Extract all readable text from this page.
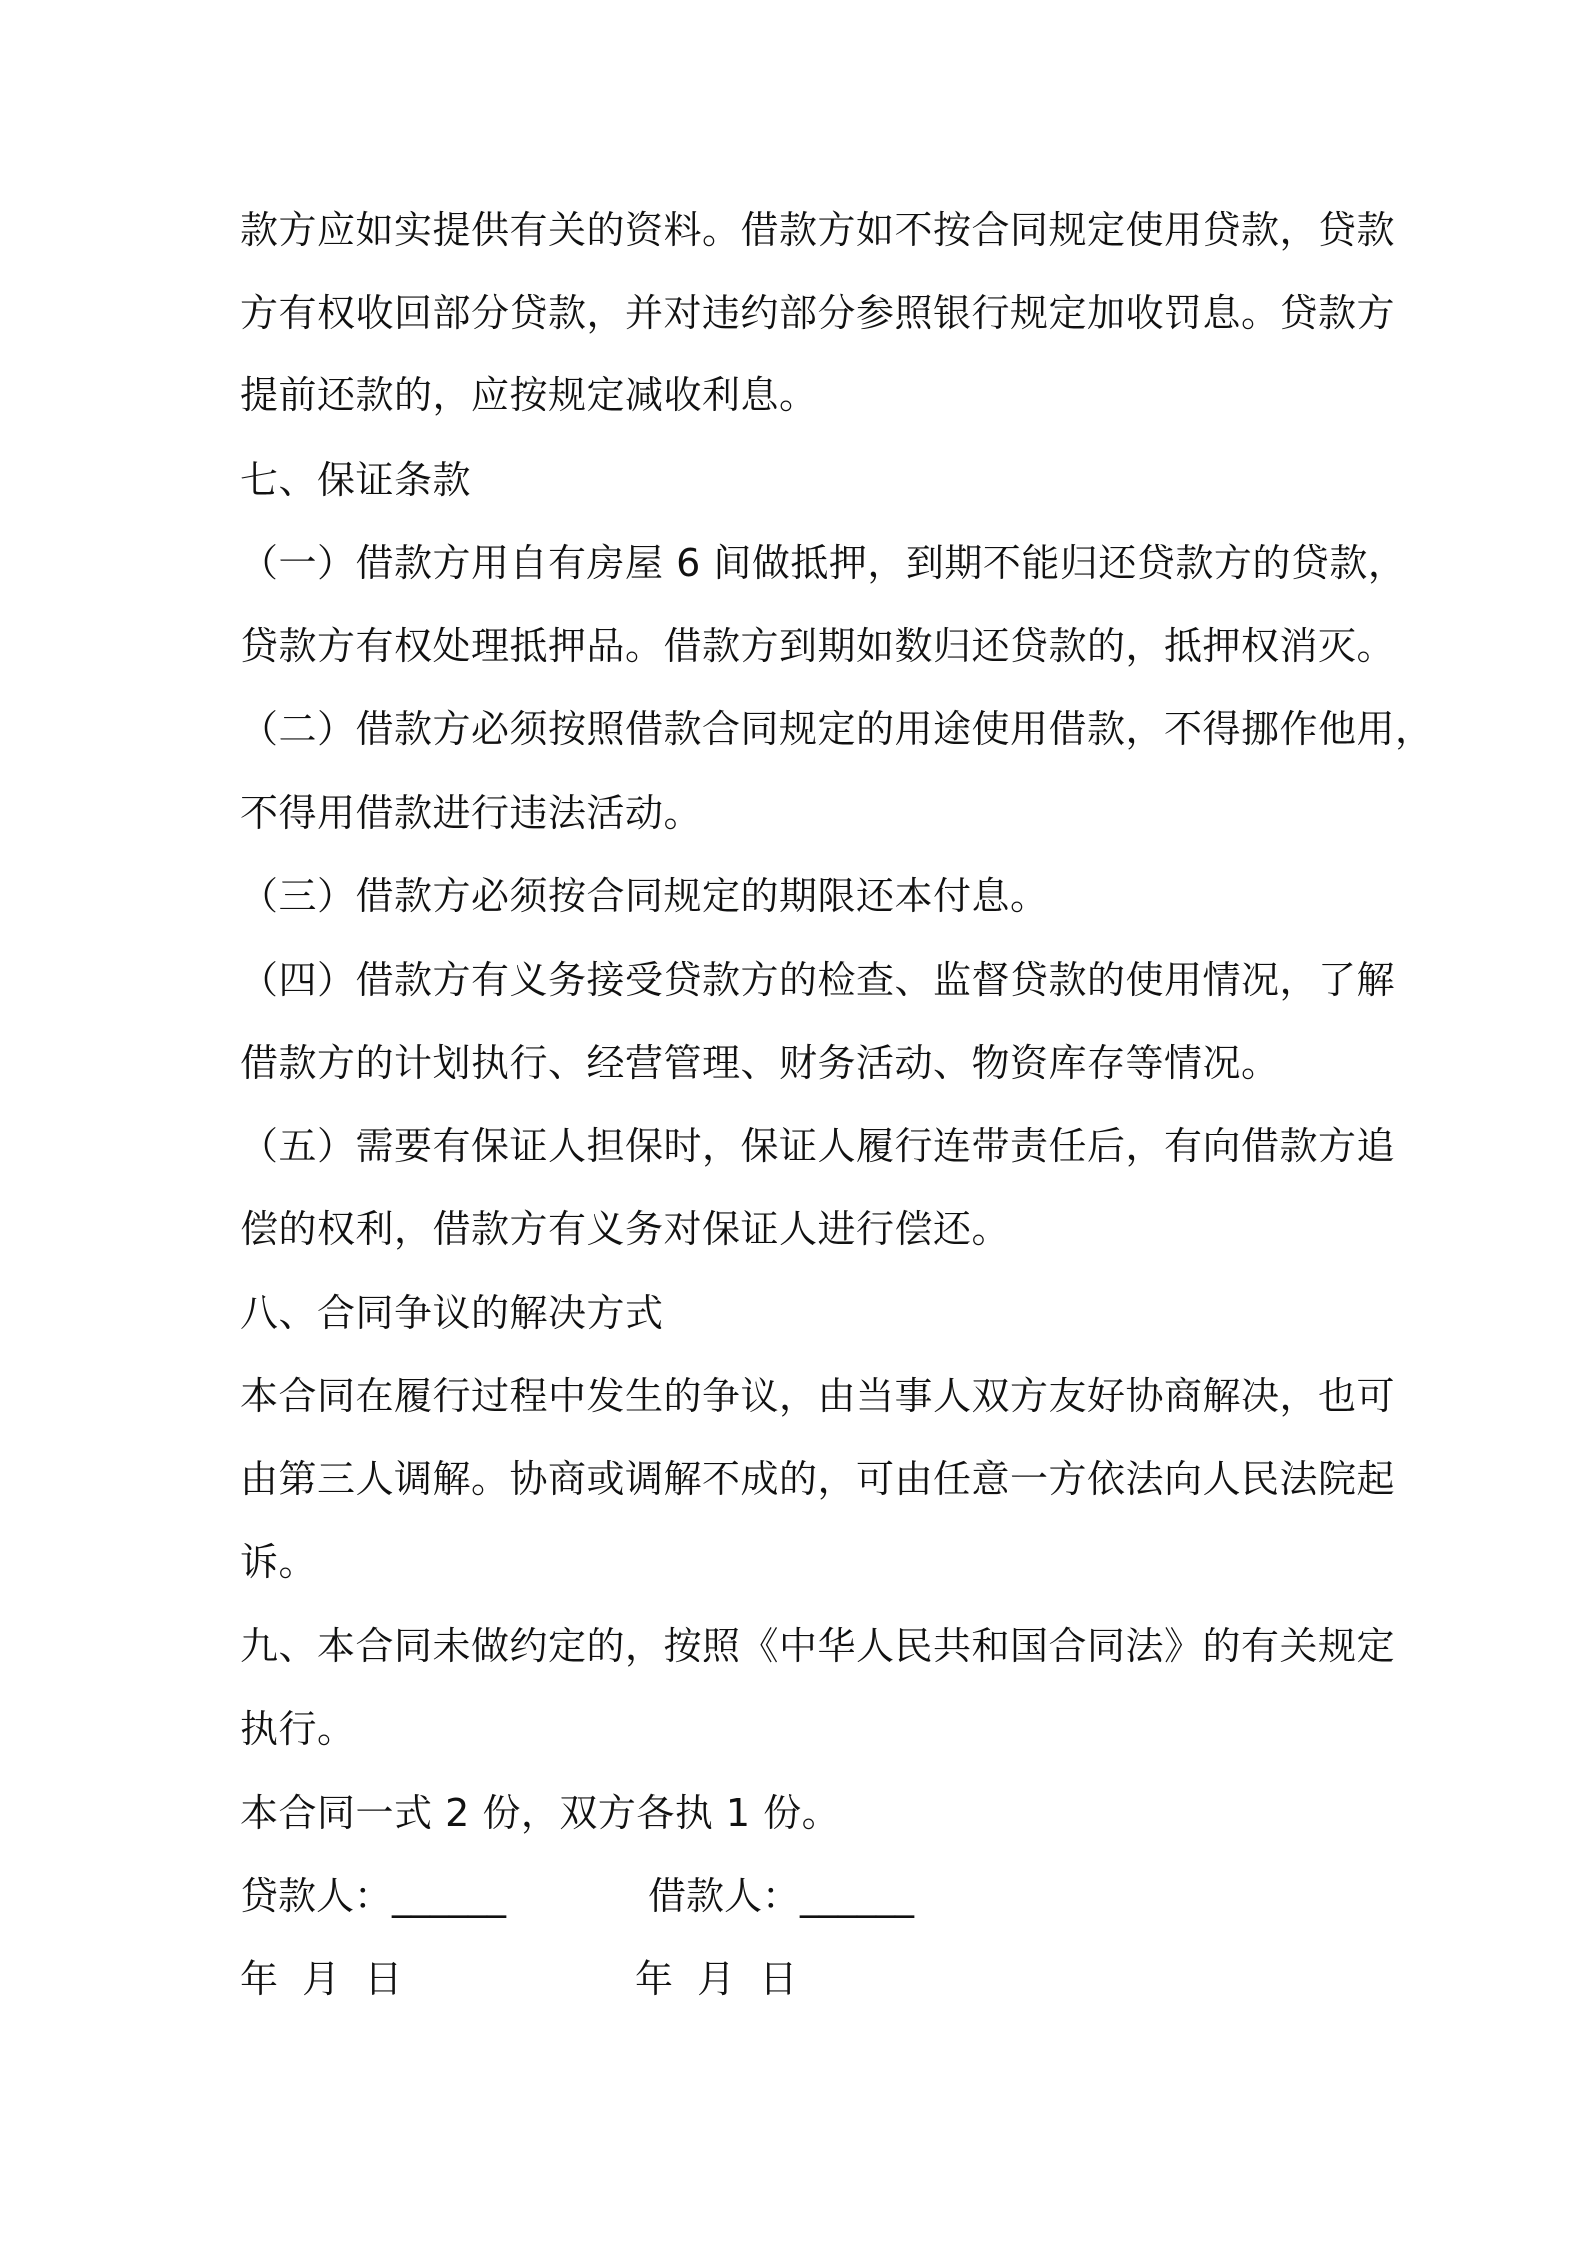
款方应如实提供有关的资料。借款方如不按合同规定使用贷款，贷款
方有权收回部分贷款，并对违约部分参照银行规定加收罚息。贷款方
提前还款的，应按规定减收利息。
七、保证条款
（一）借款方用自有房屋 6 间做抵押，到期不能归还贷款方的贷款，
贷款方有权处理抵押品。借款方到期如数归还贷款的，抵押权消灭。
（二）借款方必须按照借款合同规定的用途使用借款，不得挪作他用，
不得用借款进行违法活动。
（三）借款方必须按合同规定的期限还本付息。
（四）借款方有义务接受贷款方的检查、监督贷款的使用情况，了解
借款方的计划执行、经营管理、财务活动、物资库存等情况。
（五）需要有保证人担保时，保证人履行连带责任后，有向借款方追
偿的权利，借款方有义务对保证人进行偿还。
八、合同争议的解决方式
本合同在履行过程中发生的争议，由当事人双方友好协商解决，也可
由第三人调解。协商或调解不成的，可由任意一方依法向人民法院起
诉。
九、本合同未做约定的，按照《中华人民共和国合同法》的有关规定
执行。
本合同一式 2 份，双方各执 1 份。
贷款人：______	借款人：______
年  月  日	年  月  日
